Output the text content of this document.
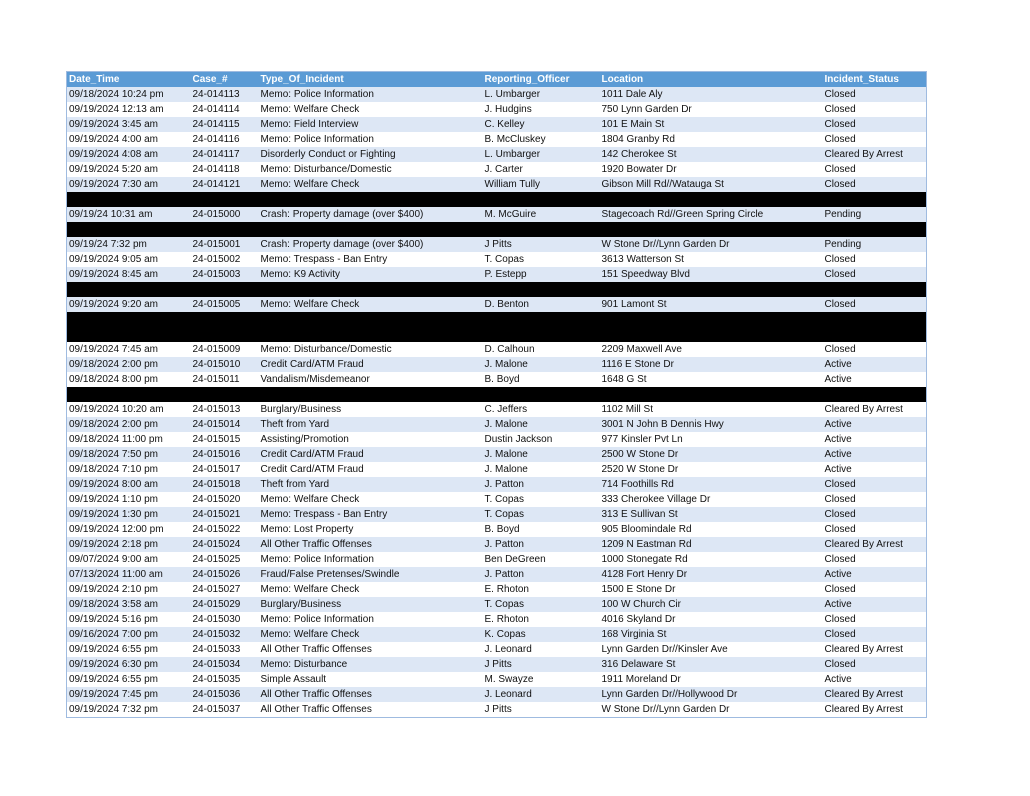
Date_Time	Case_#	Type_Of_Incident	Reporting_Officer	Location	Incident_Status
09/18/2024 10:24 pm	24-014113	Memo: Police Information	L. Umbarger	1011 Dale Aly	Closed
09/19/2024 12:13 am	24-014114	Memo: Welfare Check	J. Hudgins	750 Lynn Garden Dr	Closed
09/19/2024 3:45 am	24-014115	Memo: Field Interview	C. Kelley	101 E Main St	Closed
09/19/2024 4:00 am	24-014116	Memo: Police Information	B. McCluskey	1804 Granby Rd	Closed
09/19/2024 4:08 am	24-014117	Disorderly Conduct or Fighting	L. Umbarger	142 Cherokee St	Cleared By Arrest
09/19/2024 5:20 am	24-014118	Memo: Disturbance/Domestic	J. Carter	1920 Bowater Dr	Closed
09/19/2024 7:30 am	24-014121	Memo: Welfare Check	William Tully	Gibson Mill Rd//Watauga St	Closed

09/19/24 10:31 am	24-015000	Crash: Property damage (over $400)	M. McGuire	Stagecoach Rd//Green Spring Circle	Pending

09/19/24 7:32 pm	24-015001	Crash: Property damage (over $400)	J Pitts	W Stone Dr//Lynn Garden Dr	Pending
09/19/2024 9:05 am	24-015002	Memo: Trespass - Ban Entry	T. Copas	3613 Watterson St	Closed
09/19/2024 8:45 am	24-015003	Memo: K9 Activity	P. Estepp	151 Speedway Blvd	Closed

09/19/2024 9:20 am	24-015005	Memo: Welfare Check	D. Benton	901 Lamont St	Closed

09/19/2024 7:45 am	24-015009	Memo: Disturbance/Domestic	D. Calhoun	2209 Maxwell Ave	Closed
09/18/2024 2:00 pm	24-015010	Credit Card/ATM Fraud	J. Malone	1116 E Stone Dr	Active
09/18/2024 8:00 pm	24-015011	Vandalism/Misdemeanor	B. Boyd	1648 G St	Active

09/19/2024 10:20 am	24-015013	Burglary/Business	C. Jeffers	1102 Mill St	Cleared By Arrest
09/18/2024 2:00 pm	24-015014	Theft from Yard	J. Malone	3001 N John B Dennis Hwy	Active
09/18/2024 11:00 pm	24-015015	Assisting/Promotion	Dustin Jackson	977 Kinsler Pvt Ln	Active
09/18/2024 7:50 pm	24-015016	Credit Card/ATM Fraud	J. Malone	2500 W Stone Dr	Active
09/18/2024 7:10 pm	24-015017	Credit Card/ATM Fraud	J. Malone	2520 W Stone Dr	Active
09/19/2024 8:00 am	24-015018	Theft from Yard	J. Patton	714 Foothills Rd	Closed
09/19/2024 1:10 pm	24-015020	Memo: Welfare Check	T. Copas	333 Cherokee Village Dr	Closed
09/19/2024 1:30 pm	24-015021	Memo: Trespass - Ban Entry	T. Copas	313 E Sullivan St	Closed
09/19/2024 12:00 pm	24-015022	Memo: Lost Property	B. Boyd	905 Bloomindale Rd	Closed
09/19/2024 2:18 pm	24-015024	All Other Traffic Offenses	J. Patton	1209 N Eastman Rd	Cleared By Arrest
09/07/2024 9:00 am	24-015025	Memo: Police Information	Ben DeGreen	1000 Stonegate Rd	Closed
07/13/2024 11:00 am	24-015026	Fraud/False Pretenses/Swindle	J. Patton	4128 Fort Henry Dr	Active
09/19/2024 2:10 pm	24-015027	Memo: Welfare Check	E. Rhoton	1500 E Stone Dr	Closed
09/18/2024 3:58 am	24-015029	Burglary/Business	T. Copas	100 W Church Cir	Active
09/19/2024 5:16 pm	24-015030	Memo: Police Information	E. Rhoton	4016 Skyland Dr	Closed
09/16/2024 7:00 pm	24-015032	Memo: Welfare Check	K. Copas	168 Virginia St	Closed
09/19/2024 6:55 pm	24-015033	All Other Traffic Offenses	J. Leonard	Lynn Garden Dr//Kinsler Ave	Cleared By Arrest
09/19/2024 6:30 pm	24-015034	Memo: Disturbance	J Pitts	316 Delaware St	Closed
09/19/2024 6:55 pm	24-015035	Simple Assault	M. Swayze	1911 Moreland Dr	Active
09/19/2024 7:45 pm	24-015036	All Other Traffic Offenses	J. Leonard	Lynn Garden Dr//Hollywood Dr	Cleared By Arrest
09/19/2024 7:32 pm	24-015037	All Other Traffic Offenses	J Pitts	W Stone Dr//Lynn Garden Dr	Cleared By Arrest
